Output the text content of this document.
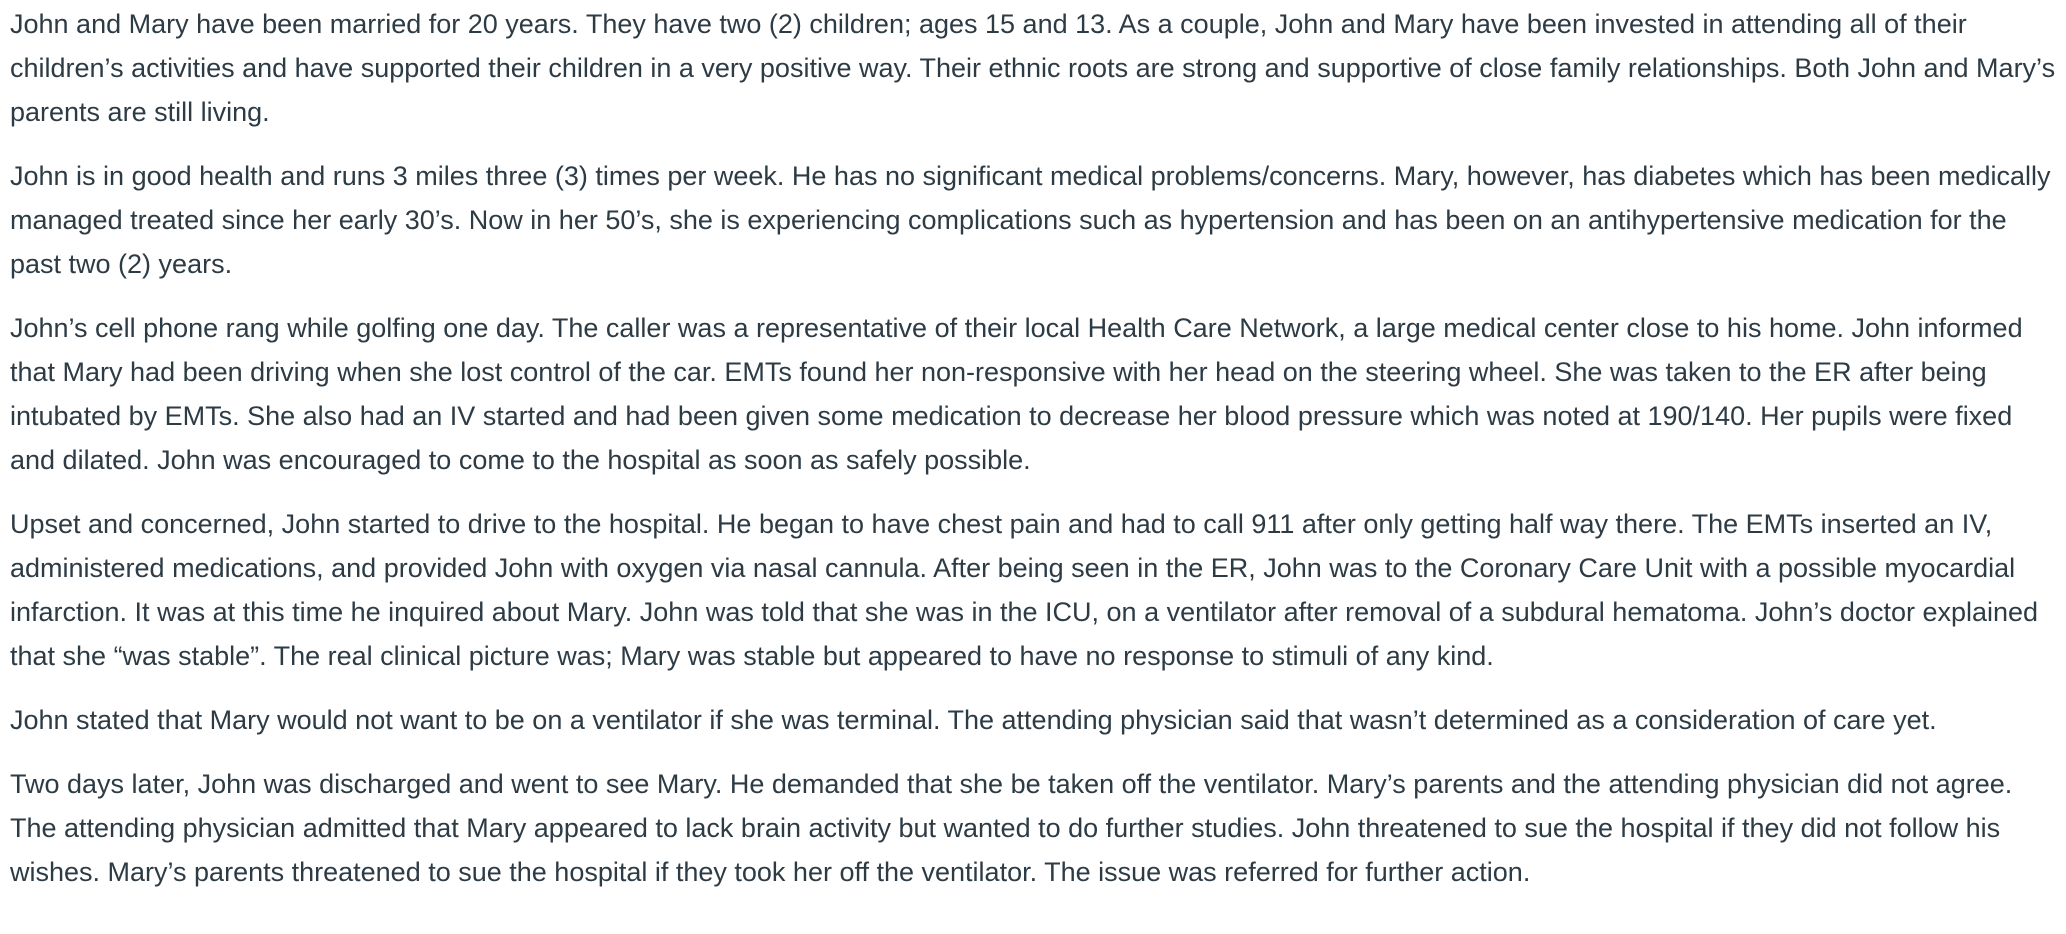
John and Mary have been married for 20 years. They have two (2) children; ages 15 and 13. As a couple, John and Mary have been invested in attending all of their children’s activities and have supported their children in a very positive way. Their ethnic roots are strong and supportive of close family relationships. Both John and Mary’s parents are still living.

John is in good health and runs 3 miles three (3) times per week. He has no significant medical problems/concerns. Mary, however, has diabetes which has been medically managed treated since her early 30’s. Now in her 50’s, she is experiencing complications such as hypertension and has been on an antihypertensive medication for the past two (2) years.

John’s cell phone rang while golfing one day. The caller was a representative of their local Health Care Network, a large medical center close to his home. John informed that Mary had been driving when she lost control of the car. EMTs found her non-responsive with her head on the steering wheel. She was taken to the ER after being intubated by EMTs. She also had an IV started and had been given some medication to decrease her blood pressure which was noted at 190/140. Her pupils were fixed and dilated. John was encouraged to come to the hospital as soon as safely possible.

Upset and concerned, John started to drive to the hospital. He began to have chest pain and had to call 911 after only getting half way there. The EMTs inserted an IV, administered medications, and provided John with oxygen via nasal cannula. After being seen in the ER, John was to the Coronary Care Unit with a possible myocardial infarction. It was at this time he inquired about Mary. John was told that she was in the ICU, on a ventilator after removal of a subdural hematoma. John’s doctor explained that she “was stable”. The real clinical picture was; Mary was stable but appeared to have no response to stimuli of any kind.

John stated that Mary would not want to be on a ventilator if she was terminal. The attending physician said that wasn’t determined as a consideration of care yet.

Two days later, John was discharged and went to see Mary. He demanded that she be taken off the ventilator. Mary’s parents and the attending physician did not agree. The attending physician admitted that Mary appeared to lack brain activity but wanted to do further studies. John threatened to sue the hospital if they did not follow his wishes. Mary’s parents threatened to sue the hospital if they took her off the ventilator. The issue was referred for further action.
